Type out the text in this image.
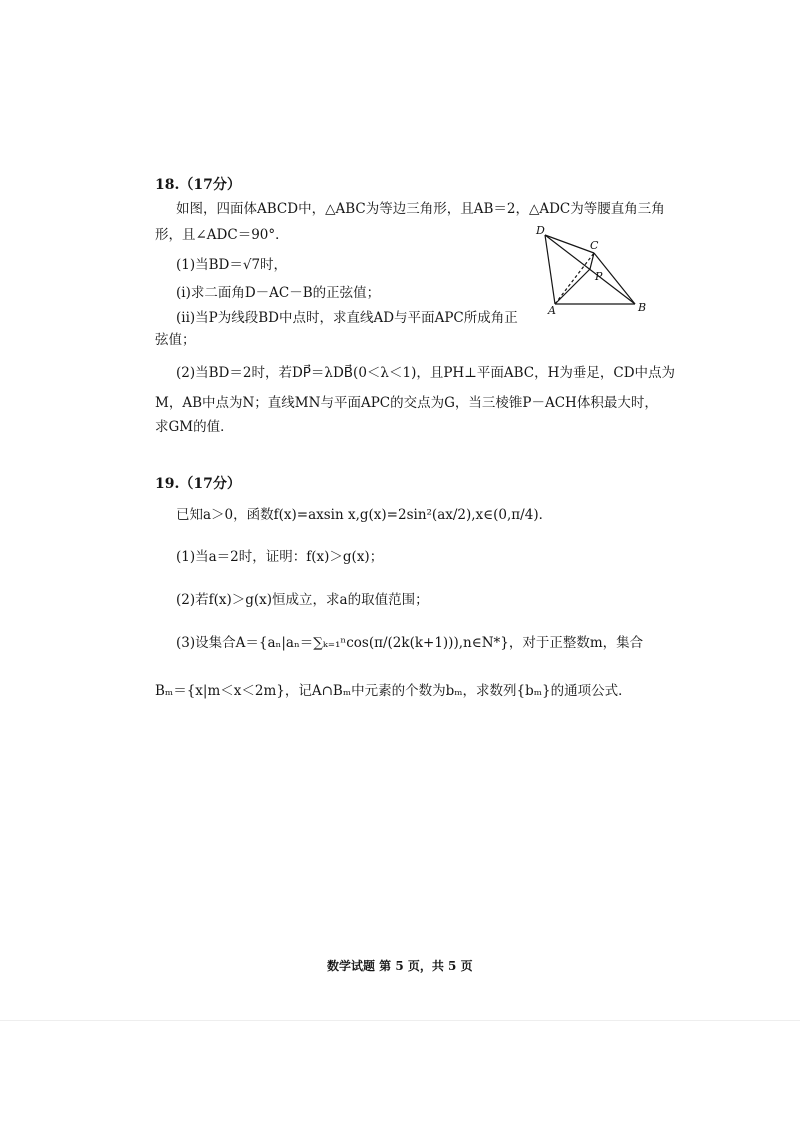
18.（17分）
如图，四面体ABCD中，△ABC为等边三角形，且AB＝2，△ADC为等腰直角三角
形，且∠ADC＝90°．
(1)当BD＝√7时，
(i)求二面角D－AC－B的正弦值；
(ii)当P为线段BD中点时，求直线AD与平面APC所成角正
弦值；
(2)当BD＝2时，若DP⃗＝λDB⃗(0＜λ＜1)，且PH⊥平面ABC，H为垂足，CD中点为
M，AB中点为N；直线MN与平面APC的交点为G，当三棱锥P－ACH体积最大时，
求GM的值．
D
C
P
A	B
19.（17分）
已知a＞0，函数f(x)=axsin x,g(x)=2sin²(ax/2),x∈(0,π/4)．
(1)当a＝2时，证明：f(x)＞g(x)；
(2)若f(x)＞g(x)恒成立，求a的取值范围；
(3)设集合A＝{aₙ|aₙ＝∑ₖ₌₁ⁿcos(π/(2k(k+1))),n∈N*}，对于正整数m，集合
Bₘ＝{x|m＜x＜2m}，记A∩Bₘ中元素的个数为bₘ，求数列{bₘ}的通项公式．
数学试题 第 5 页，共 5 页
